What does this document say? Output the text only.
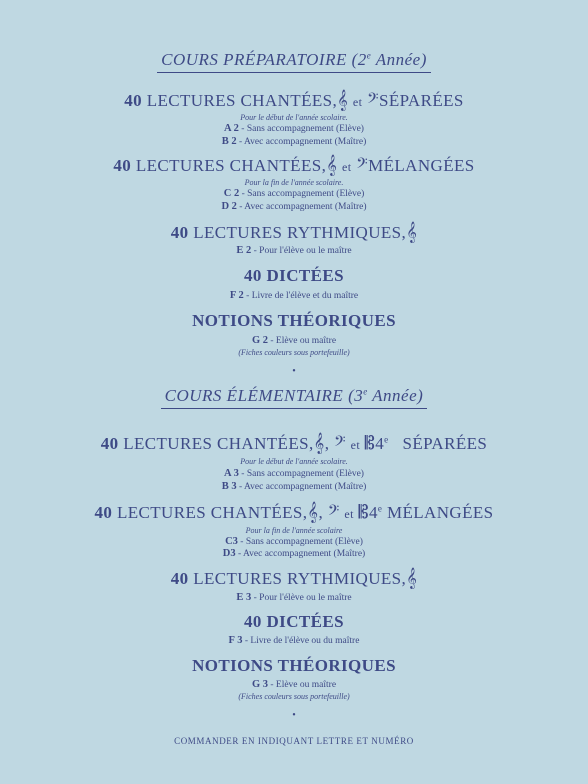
COURS PRÉPARATOIRE (2e Année)
40 LECTURES CHANTÉES,𝄞 et 𝄢SÉPARÉES
Pour le début de l'année scolaire.
A 2 - Sans accompagnement (Elève)
B 2 - Avec accompagnement (Maître)
40 LECTURES CHANTÉES,𝄞 et 𝄢MÉLANGÉES
Pour la fin de l'année scolaire.
C 2 - Sans accompagnement (Elève)
D 2 - Avec accompagnement (Maître)
40 LECTURES RYTHMIQUES,𝄞
E 2 - Pour l'élève ou le maître
40 DICTÉES
F 2 - Livre de l'élève et du maître
NOTIONS THÉORIQUES
G 2 - Elève ou maître
(Fiches couleurs sous portefeuille)
•
COURS ÉLÉMENTAIRE (3e Année)
40 LECTURES CHANTÉES,𝄞, 𝄢 et 𝄡4e SÉPARÉES
Pour le début de l'année scolaire.
A 3 - Sans accompagnement (Elève)
B 3 - Avec accompagnement (Maître)
40 LECTURES CHANTÉES,𝄞, 𝄢 et 𝄡4e MÉLANGÉES
Pour la fin de l'année scolaire
C3 - Sans accompagnement (Elève)
D3 - Avec accompagnement (Maître)
40 LECTURES RYTHMIQUES,𝄞
E 3 - Pour l'élève ou le maître
40 DICTÉES
F 3 - Livre de l'élève ou du maître
NOTIONS THÉORIQUES
G 3 - Elève ou maître
(Fiches couleurs sous portefeuille)
•
COMMANDER EN INDIQUANT LETTRE ET NUMÉRO
